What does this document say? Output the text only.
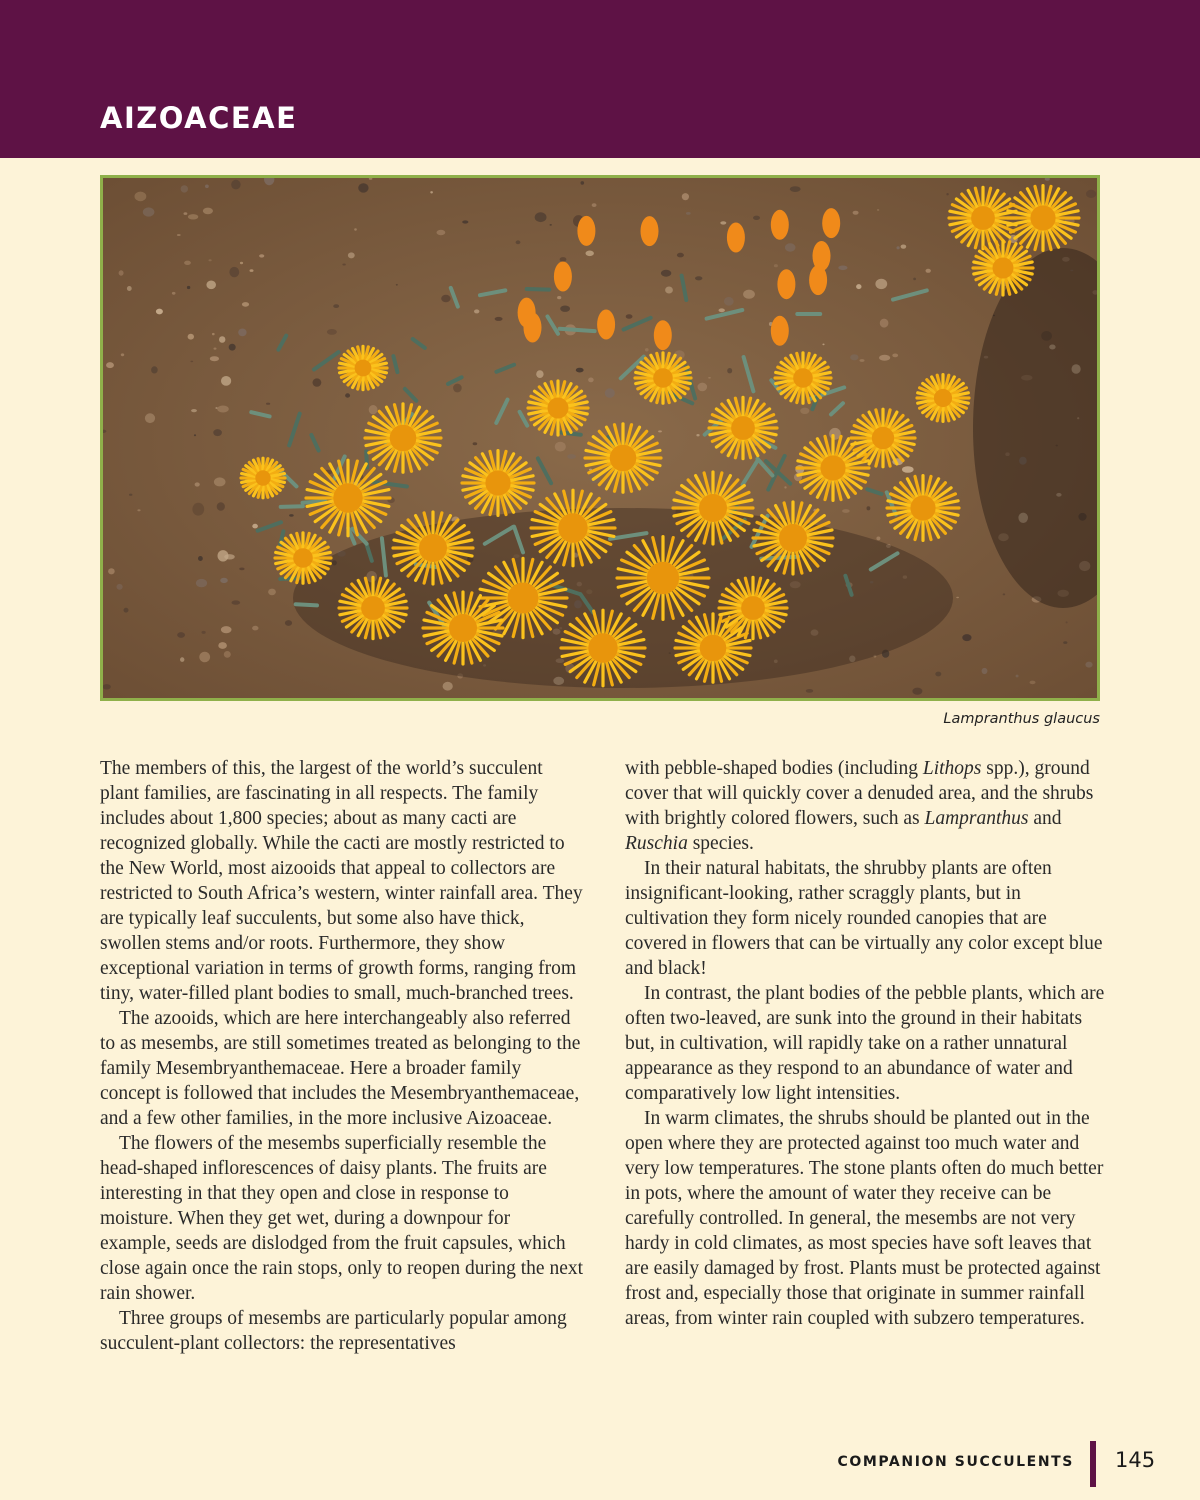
AIZOACEAE
Lampranthus glaucus

The members of this, the largest of the world’s succulent plant families, are fascinating in all respects. The family includes about 1,800 species; about as many cacti are recognized globally. While the cacti are mostly restricted to the New World, most aizooids that appeal to collectors are restricted to South Africa’s western, winter rainfall area. They are typically leaf succulents, but some also have thick, swollen stems and/or roots. Furthermore, they show exceptional variation in terms of growth forms, ranging from tiny, water-filled plant bodies to small, much-branched trees.

The azooids, which are here interchangeably also referred to as mesembs, are still sometimes treated as belonging to the family Mesembryanthemaceae. Here a broader family concept is followed that includes the Mesembryanthemaceae, and a few other families, in the more inclusive Aizoaceae.

The flowers of the mesembs superficially resemble the head-shaped inflorescences of daisy plants. The fruits are interesting in that they open and close in response to moisture. When they get wet, during a downpour for example, seeds are dislodged from the fruit capsules, which close again once the rain stops, only to reopen during the next rain shower.

Three groups of mesembs are particularly popular among succulent-plant collectors: the representatives

with pebble-shaped bodies (including Lithops spp.), ground cover that will quickly cover a denuded area, and the shrubs with brightly colored flowers, such as Lampranthus and Ruschia species.

In their natural habitats, the shrubby plants are often insignificant-looking, rather scraggly plants, but in cultivation they form nicely rounded canopies that are covered in flowers that can be virtually any color except blue and black!

In contrast, the plant bodies of the pebble plants, which are often two-leaved, are sunk into the ground in their habitats but, in cultivation, will rapidly take on a rather unnatural appearance as they respond to an abundance of water and comparatively low light intensities.

In warm climates, the shrubs should be planted out in the open where they are protected against too much water and very low temperatures. The stone plants often do much better in pots, where the amount of water they receive can be carefully controlled. In general, the mesembs are not very hardy in cold climates, as most species have soft leaves that are easily damaged by frost. Plants must be protected against frost and, especially those that originate in summer rainfall areas, from winter rain coupled with subzero temperatures.

COMPANION SUCCULENTS 145
